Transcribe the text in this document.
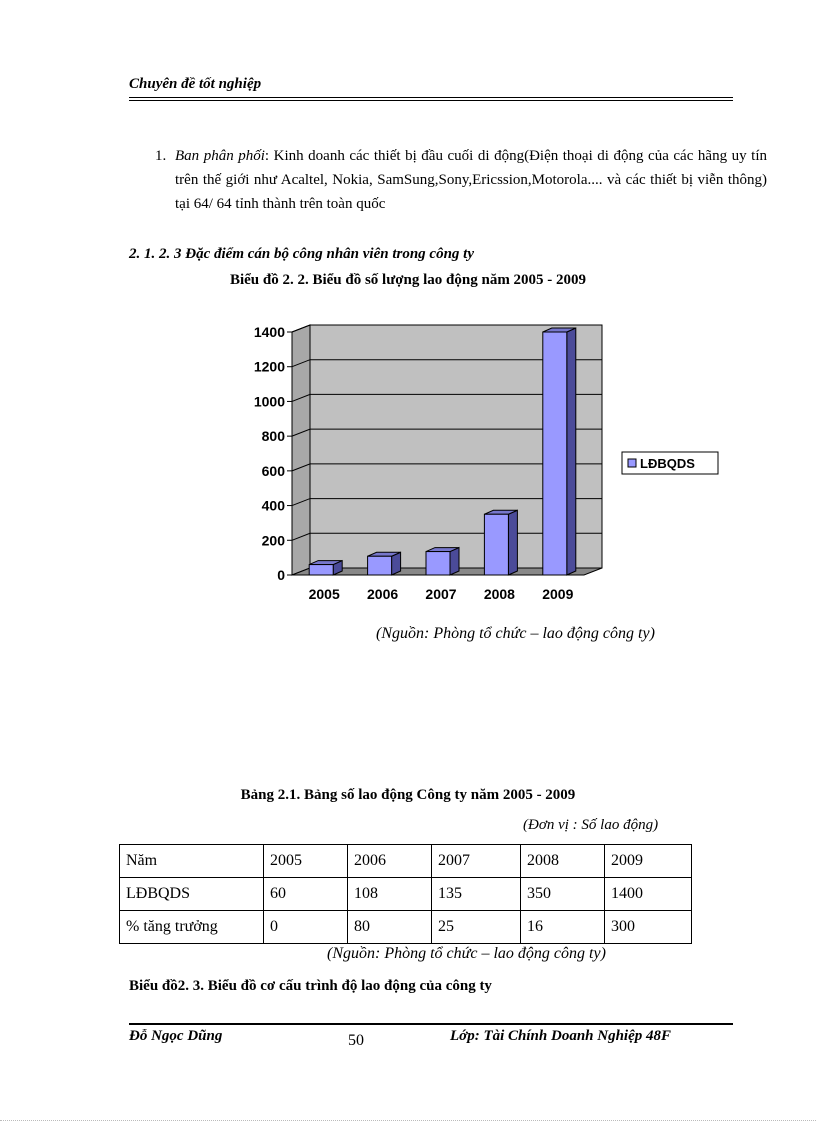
Chuyên đề tốt nghiệp
1. Ban phân phối: Kinh doanh các thiết bị đầu cuối di động(Điện thoại di động của các hãng uy tín trên thế giới như Acaltel, Nokia, SamSung,Sony,Ericssion,Motorola.... và các thiết bị viễn thông) tại 64/ 64 tỉnh thành trên toàn quốc
2. 1. 2. 3 Đặc điểm cán bộ công nhân viên trong công ty
Biểu đồ 2. 2. Biểu đồ số lượng lao động năm 2005 - 2009
0
200
400
600
800
1000
1200
1400
2005 2006 2007 2008 2009
LĐBQDS
(Nguồn: Phòng tổ chức – lao động công ty)
Bảng 2.1. Bảng số lao động Công ty năm 2005 - 2009
(Đơn vị : Số lao động)
Năm	2005	2006	2007	2008	2009
LĐBQDS	60	108	135	350	1400
% tăng trưởng	0	80	25	16	300
(Nguồn: Phòng tổ chức – lao động công ty)
Biểu đồ2. 3. Biểu đồ cơ cấu trình độ lao động của công ty
Đỗ Ngọc Dũng	50	Lớp: Tài Chính Doanh Nghiệp 48F
